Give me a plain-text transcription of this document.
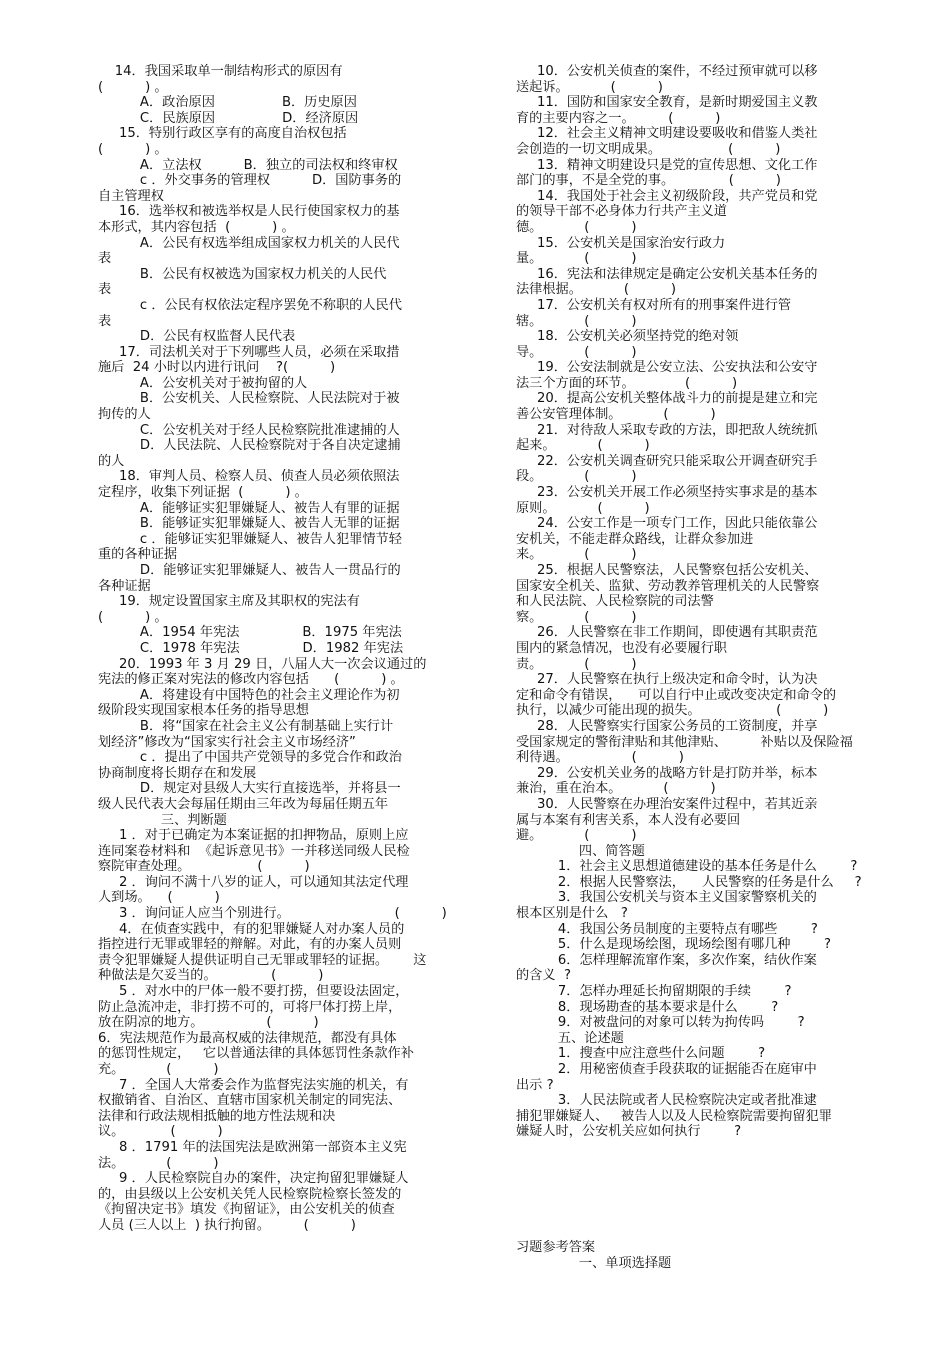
14．我国采取单一制结构形式的原因有
(          ) 。
A．政治原因                B．历史原因
C．民族原因                D．经济原因
15．特别行政区享有的高度自治权包括
(          ) 。
A．立法权          B．独立的司法权和终审权
c ．外交事务的管理权          D．国防事务的
自主管理权
16．选举权和被选举权是人民行使国家权力的基
本形式，其内容包括  (          ) 。
A．公民有权选举组成国家权力机关的人民代
表
B．公民有权被选为国家权力机关的人民代
表
c ．公民有权依法定程序罢免不称职的人民代
表
D．公民有权监督人民代表
17．司法机关对于下列哪些人员，必须在采取措
施后  24 小时以内进行讯问    ?(          )
A．公安机关对于被拘留的人
B．公安机关、人民检察院、人民法院对于被
拘传的人
C．公安机关对于经人民检察院批准逮捕的人
D．人民法院、人民检察院对于各自决定逮捕
的人
18．审判人员、检察人员、侦查人员必须依照法
定程序，收集下列证据  (          ) 。
A．能够证实犯罪嫌疑人、被告人有罪的证据
B．能够证实犯罪嫌疑人、被告人无罪的证据
c ．能够证实犯罪嫌疑人、被告人犯罪情节轻
重的各种证据
D．能够证实犯罪嫌疑人、被告人一贯品行的
各种证据
19．规定设置国家主席及其职权的宪法有
(          ) 。
A．1954 年宪法               B．1975 年宪法
C．1978 年宪法               D．1982 年宪法
20．1993 年 3 月 29 日，八届人大一次会议通过的
宪法的修正案对宪法的修改内容包括      (          ) 。
A．将建设有中国特色的社会主义理论作为初
级阶段实现国家根本任务的指导思想
B．将“国家在社会主义公有制基础上实行计
划经济”修改为“国家实行社会主义市场经济”
c ．提出了中国共产党领导的多党合作和政治
协商制度将长期存在和发展
D．规定对县级人大实行直接选举，并将县一
级人民代表大会每届任期由三年改为每届任期五年
三、判断题
1 ．对于已确定为本案证据的扣押物品，原则上应
连同案卷材料和  《起诉意见书》一并移送同级人民检
察院审查处理。                (          )
2 ．询问不满十八岁的证人，可以通知其法定代理
人到场。    (          )
3 ．询问证人应当个别进行。                         (          )
4．在侦查实践中，有的犯罪嫌疑人对办案人员的
指控进行无罪或罪轻的辩解。对此，有的办案人员则
责令犯罪嫌疑人提供证明自己无罪或罪轻的证据。      这
种做法是欠妥当的。             (          )
5 ．对水中的尸体一般不要打捞，但要设法固定，
防止急流冲走，非打捞不可的，可将尸体打捞上岸，
放在阴凉的地方。               (          )
6．宪法规范作为最高权威的法律规范，都没有具体
的惩罚性规定，   它以普通法律的具体惩罚性条款作补
充。          (          )
7 ．全国人大常委会作为监督宪法实施的机关，有
权撤销省、自治区、直辖市国家机关制定的同宪法、
法律和行政法规相抵触的地方性法规和决
议。           (          )
8 ．1791 年的法国宪法是欧洲第一部资本主义宪
法。          (          )
9 ．人民检察院自办的案件，决定拘留犯罪嫌疑人
的，由县级以上公安机关凭人民检察院检察长签发的
《拘留决定书》填发《拘留证》，由公安机关的侦查
人员 (三人以上  ) 执行拘留。        (          )
10．公安机关侦查的案件，不经过预审就可以移
送起诉。          (          )
11．国防和国家安全教育，是新时期爱国主义教
育的主要内容之一。        (          )
12．社会主义精神文明建设要吸收和借鉴人类社
会创造的一切文明成果。                (          )
13．精神文明建设只是党的宣传思想、文化工作
部门的事，不是全党的事。             (          )
14．我国处于社会主义初级阶段，共产党员和党
的领导干部不必身体力行共产主义道
德。          (          )
15．公安机关是国家治安行政力
量。          (          )
16．宪法和法律规定是确定公安机关基本任务的
法律根据。          (          )
17．公安机关有权对所有的刑事案件进行管
辖。          (          )
18．公安机关必须坚持党的绝对领
导。          (          )
19．公安法制就是公安立法、公安执法和公安守
法三个方面的环节。            (          )
20．提高公安机关整体战斗力的前提是建立和完
善公安管理体制。          (          )
21．对待敌人采取专政的方法，即把敌人统统抓
起来。          (          )
22．公安机关调查研究只能采取公开调查研究手
段。          (          )
23．公安机关开展工作必须坚持实事求是的基本
原则。          (          )
24．公安工作是一项专门工作，因此只能依靠公
安机关，不能走群众路线，让群众参加进
来。          (          )
25．根据人民警察法，人民警察包括公安机关、
国家安全机关、监狱、劳动教养管理机关的人民警察
和人民法院、人民检察院的司法警
察。          (          )
26．人民警察在非工作期间，即使遇有其职责范
围内的紧急情况，也没有必要履行职
责。          (          )
27．人民警察在执行上级决定和命令时，认为决
定和命令有错误，    可以自行中止或改变决定和命令的
执行，以减少可能出现的损失。                  (          )
28．人民警察实行国家公务员的工资制度，并享
受国家规定的警衔津贴和其他津贴、        补贴以及保险福
利待遇。               (          )
29．公安机关业务的战略方针是打防并举，标本
兼治，重在治本。          (          )
30．人民警察在办理治安案件过程中，若其近亲
属与本案有利害关系，本人没有必要回
避。          (          )
四、简答题
1．社会主义思想道德建设的基本任务是什么        ?
2．根据人民警察法，    人民警察的任务是什么     ?
3．我国公安机关与资本主义国家警察机关的
根本区别是什么   ?
4．我国公务员制度的主要特点有哪些        ?
5．什么是现场绘图，现场绘图有哪几种        ?
6．怎样理解流窜作案，多次作案，结伙作案
的含义  ?
7．怎样办理延长拘留期限的手续        ?
8．现场勘查的基本要求是什么        ?
9．对被盘问的对象可以转为拘传吗        ?
五、论述题
1．搜查中应注意些什么问题        ?
2．用秘密侦查手段获取的证据能否在庭审中
出示 ?
3．人民法院或者人民检察院决定或者批准逮
捕犯罪嫌疑人、   被告人以及人民检察院需要拘留犯罪
嫌疑人时，公安机关应如何执行        ?
习题参考答案
一、单项选择题
